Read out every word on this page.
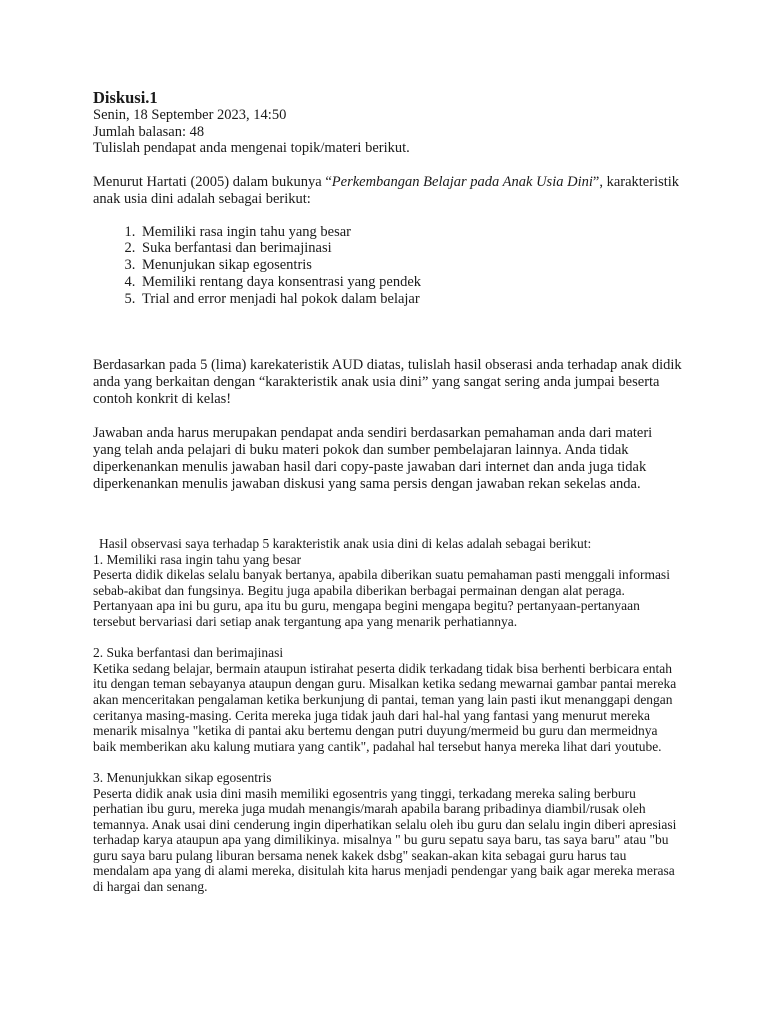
Diskusi.1
Senin, 18 September 2023, 14:50
Jumlah balasan: 48
Tulislah pendapat anda mengenai topik/materi berikut.

Menurut Hartati (2005) dalam bukunya “Perkembangan Belajar pada Anak Usia Dini”, karakteristik anak usia dini adalah sebagai berikut:

1. Memiliki rasa ingin tahu yang besar
2. Suka berfantasi dan berimajinasi
3. Menunjukan sikap egosentris
4. Memiliki rentang daya konsentrasi yang pendek
5. Trial and error menjadi hal pokok dalam belajar

Berdasarkan pada 5 (lima) karekateristik AUD diatas, tulislah hasil obserasi anda terhadap anak didik anda yang berkaitan dengan “karakteristik anak usia dini” yang sangat sering anda jumpai beserta contoh konkrit di kelas!

Jawaban anda harus merupakan pendapat anda sendiri berdasarkan pemahaman anda dari materi yang telah anda pelajari di buku materi pokok dan sumber pembelajaran lainnya. Anda tidak diperkenankan menulis jawaban hasil dari copy-paste jawaban dari internet dan anda juga tidak diperkenankan menulis jawaban diskusi yang sama persis dengan jawaban rekan sekelas anda.

Hasil observasi saya terhadap 5 karakteristik anak usia dini di kelas adalah sebagai berikut:

1. Memiliki rasa ingin tahu yang besar

Peserta didik dikelas selalu banyak bertanya, apabila diberikan suatu pemahaman pasti menggali informasi sebab-akibat dan fungsinya. Begitu juga apabila diberikan berbagai permainan dengan alat peraga. Pertanyaan apa ini bu guru, apa itu bu guru, mengapa begini mengapa begitu? pertanyaan-pertanyaan tersebut bervariasi dari setiap anak tergantung apa yang menarik perhatiannya.

2. Suka berfantasi dan berimajinasi

Ketika sedang belajar, bermain ataupun istirahat peserta didik terkadang tidak bisa berhenti berbicara entah itu dengan teman sebayanya ataupun dengan guru. Misalkan ketika sedang mewarnai gambar pantai mereka akan menceritakan pengalaman ketika berkunjung di pantai, teman yang lain pasti ikut menanggapi dengan ceritanya masing-masing. Cerita mereka juga tidak jauh dari hal-hal yang fantasi yang menurut mereka menarik misalnya "ketika di pantai aku bertemu dengan putri duyung/mermeid bu guru dan mermeidnya baik memberikan aku kalung mutiara yang cantik", padahal hal tersebut hanya mereka lihat dari youtube.

3. Menunjukkan sikap egosentris

Peserta didik anak usia dini masih memiliki egosentris yang tinggi, terkadang mereka saling berburu perhatian ibu guru, mereka juga mudah menangis/marah apabila barang pribadinya diambil/rusak oleh temannya. Anak usai dini cenderung ingin diperhatikan selalu oleh ibu guru dan selalu ingin diberi apresiasi terhadap karya ataupun apa yang dimilikinya. misalnya " bu guru sepatu saya baru, tas saya baru" atau "bu guru saya baru pulang liburan bersama nenek kakek dsbg" seakan-akan kita sebagai guru harus tau mendalam apa yang di alami mereka, disitulah kita harus menjadi pendengar yang baik agar mereka merasa di hargai dan senang.
